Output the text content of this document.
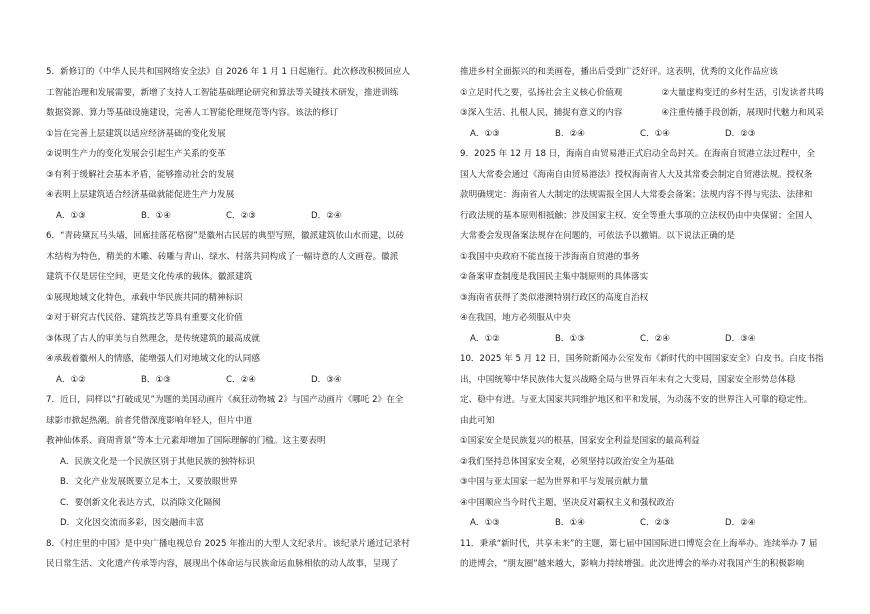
5．新修订的《中华人民共和国网络安全法》自 2026 年 1 月 1 日起施行。此次修改积极回应人
工智能治理和发展需要，新增了支持人工智能基础理论研究和算法等关键技术研发，推进训练
数据资源、算力等基础设施建设，完善人工智能伦理规范等内容。该法的修订
①旨在完善上层建筑以适应经济基础的变化发展
②说明生产力的变化发展会引起生产关系的变革
③有利于缓解社会基本矛盾，能够推动社会的发展
④表明上层建筑适合经济基础就能促进生产力发展
A．①③	B．①④	C．②③	D．②④
6．“青砖黛瓦马头墙，回廊挂落花格窗”是徽州古民居的典型写照，徽派建筑依山水而建，以砖
木结构为特色，精美的木雕、砖雕与青山、绿水、村落共同构成了一幅诗意的人文画卷。徽派
建筑不仅是居住空间，更是文化传承的载体。徽派建筑
①展现地域文化特色，承载中华民族共同的精神标识
②对于研究古代民俗、建筑技艺等具有重要文化价值
③体现了古人的审美与自然理念，是传统建筑的最高成就
④承载着徽州人的情感，能增强人们对地域文化的认同感
A．①②	B．①③	C．②④	D．③④
7．近日，同样以“打破成见”为题的美国动画片《疯狂动物城 2》与国产动画片《哪吒 2》在全
球影市掀起热潮。前者凭借深度影响年轻人，但片中道
教神仙体系、商周背景”等本土元素却增加了国际理解的门槛。这主要表明
A．民族文化是一个民族区别于其他民族的独特标识
B．文化产业发展既要立足本土，又要放眼世界
C．要创新文化表达方式，以消除文化隔阂
D．文化因交流而多彩，因交融而丰富
8．《村庄里的中国》是中央广播电视总台 2025 年推出的大型人文纪录片。该纪录片通过记录村
民日常生活、文化遗产传承等内容，展现出个体命运与民族命运血脉相依的动人故事，呈现了
推进乡村全面振兴的和美画卷，播出后受到广泛好评。这表明，优秀的文化作品应该
①立足时代之要，弘扬社会主义核心价值观	②大量虚构变迁的乡村生活，引发读者共鸣
③深入生活、扎根人民，捕捉有意义的内容	④注重传播手段创新，展现时代魅力和风采
A．①③	B．②④	C．①④	D．②③
9．2025 年 12 月 18 日，海南自由贸易港正式启动全岛封关。在海南自贸港立法过程中，全
国人大常委会通过《海南自由贸易港法》授权海南省人大及其常委会制定自贸港法规。授权条
款明确规定：海南省人大制定的法规需报全国人大常委会备案；法规内容不得与宪法、法律和
行政法规的基本原则相抵触；涉及国家主权、安全等重大事项的立法权仍由中央保留；全国人
大常委会发现备案法规存在问题的，可依法予以撤销。以下说法正确的是
①我国中央政府不能直接干涉海南自贸港的事务
②备案审查制度是我国民主集中制原则的具体落实
③海南省获得了类似港澳特别行政区的高度自治权
④在我国，地方必须服从中央
A．①②	B．①③	C．②④	D．③④
10．2025 年 5 月 12 日，国务院新闻办公室发布《新时代的中国国家安全》白皮书。白皮书指
出，中国统筹中华民族伟大复兴战略全局与世界百年未有之大变局，国家安全形势总体稳
定、稳中有进。与亚太国家共同维护地区和平和发展，为动荡不安的世界注入可靠的稳定性。
由此可知
①国家安全是民族复兴的根基，国家安全利益是国家的最高利益
②我们坚持总体国家安全观，必须坚持以政治安全为基础
③中国与亚太国家一起为世界和平与发展贡献力量
④中国顺应当今时代主题，坚决反对霸权主义和强权政治
A．①③	B．①④	C．②③	D．②④
11．秉承“新时代，共享未来”的主题，第七届中国国际进口博览会在上海举办。连续举办 7 届
的进博会，“朋友圈”越来越大，影响力持续增强。此次进博会的举办对我国产生的积极影响
